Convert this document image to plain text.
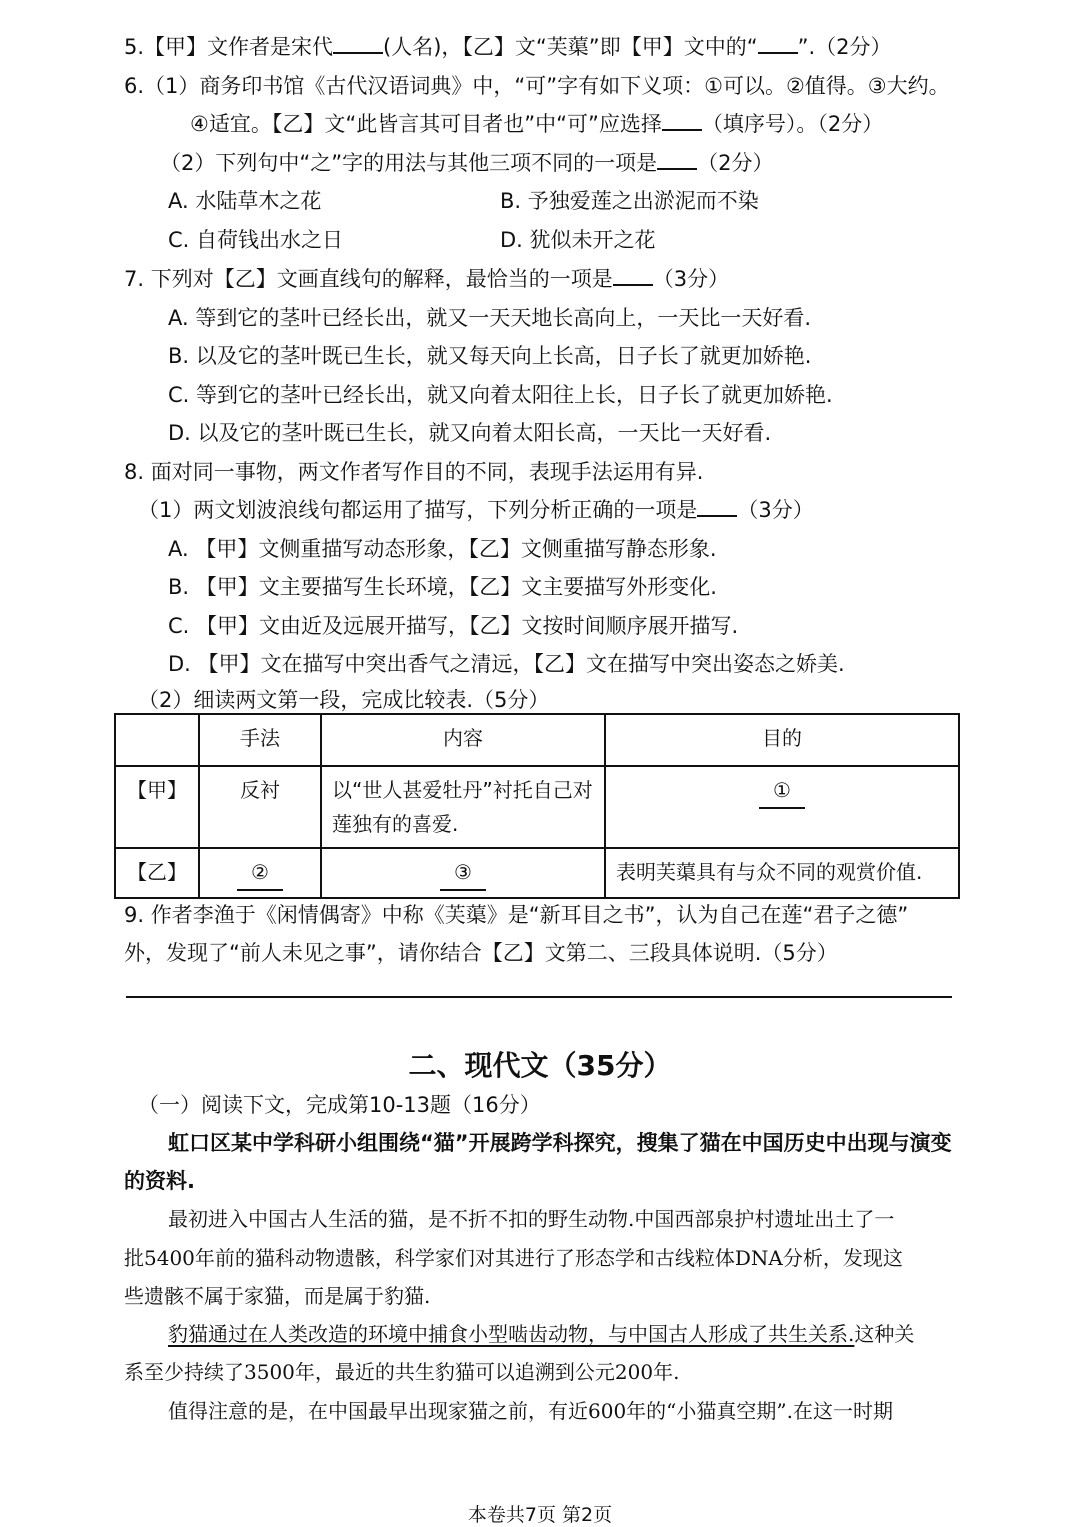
5.【甲】文作者是宋代 (人名)，【乙】文“芙蕖”即【甲】文中的“ ”.（2分）
6.（1）商务印书馆《古代汉语词典》中，“可”字有如下义项：①可以。②值得。③大约。
④适宜。【乙】文“此皆言其可目者也”中“可”应选择 （填序号）。（2分）
（2）下列句中“之”字的用法与其他三项不同的一项是 （2分）
A. 水陆草木之花	B. 予独爱莲之出淤泥而不染
C. 自荷钱出水之日	D. 犹似未开之花
7. 下列对【乙】文画直线句的解释，最恰当的一项是 （3分）
A. 等到它的茎叶已经长出，就又一天天地长高向上，一天比一天好看.
B. 以及它的茎叶既已生长，就又每天向上长高，日子长了就更加娇艳.
C. 等到它的茎叶已经长出，就又向着太阳往上长，日子长了就更加娇艳.
D. 以及它的茎叶既已生长，就又向着太阳长高，一天比一天好看.
8. 面对同一事物，两文作者写作目的不同，表现手法运用有异.
（1）两文划波浪线句都运用了描写，下列分析正确的一项是 （3分）
A. 【甲】文侧重描写动态形象，【乙】文侧重描写静态形象.
B. 【甲】文主要描写生长环境，【乙】文主要描写外形变化.
C. 【甲】文由近及远展开描写，【乙】文按时间顺序展开描写.
D. 【甲】文在描写中突出香气之清远，【乙】文在描写中突出姿态之娇美.
（2）细读两文第一段，完成比较表.（5分）
	手法	内容	目的
【甲】	反衬	以“世人甚爱牡丹”衬托自己对莲独有的喜爱.	①
【乙】	②	③	表明芙蕖具有与众不同的观赏价值.
9. 作者李渔于《闲情偶寄》中称《芙蕖》是“新耳目之书”，认为自己在莲“君子之德”
外，发现了“前人未见之事”，请你结合【乙】文第二、三段具体说明.（5分）
二、现代文（35分）
（一）阅读下文，完成第10-13题（16分）
虹口区某中学科研小组围绕“猫”开展跨学科探究，搜集了猫在中国历史中出现与演变
的资料.
最初进入中国古人生活的猫，是不折不扣的野生动物.中国西部泉护村遗址出土了一
批5400年前的猫科动物遗骸，科学家们对其进行了形态学和古线粒体DNA分析，发现这
些遗骸不属于家猫，而是属于豹猫.
豹猫通过在人类改造的环境中捕食小型啮齿动物，与中国古人形成了共生关系.这种关
系至少持续了3500年，最近的共生豹猫可以追溯到公元200年.
值得注意的是，在中国最早出现家猫之前，有近600年的“小猫真空期”.在这一时期
本卷共7页 第2页
